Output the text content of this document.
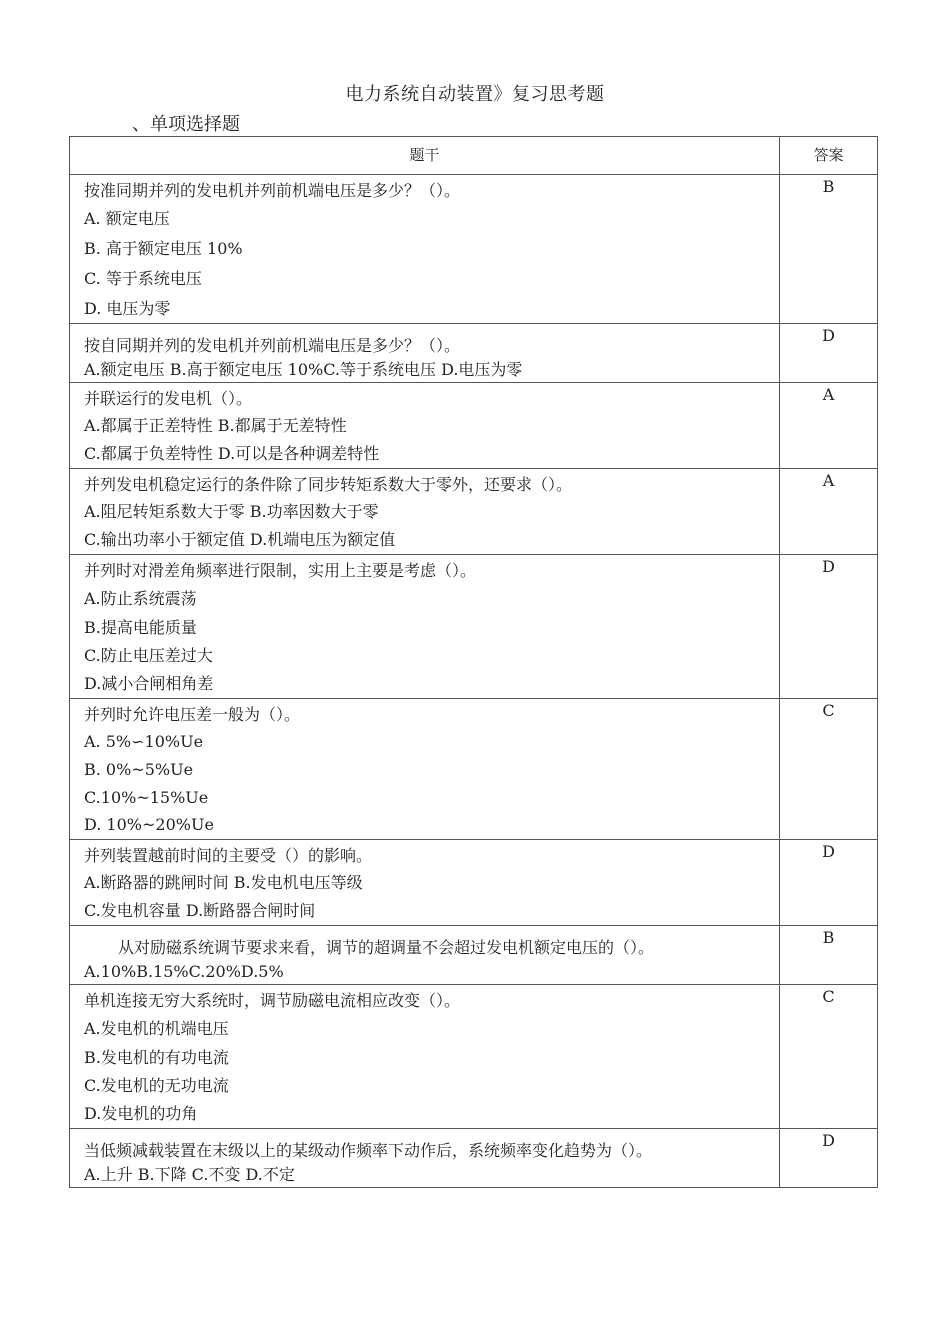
电力系统自动装置》复习思考题
、单项选择题
题干	答案

按准同期并列的发电机并列前机端电压是多少？（）。
A. 额定电压
B. 高于额定电压 10%
C. 等于系统电压
D. 电压为零	B

按自同期并列的发电机并列前机端电压是多少？（）。
A.额定电压 B.高于额定电压 10%C.等于系统电压 D.电压为零	D

并联运行的发电机（）。
A.都属于正差特性 B.都属于无差特性
C.都属于负差特性 D.可以是各种调差特性	A

并列发电机稳定运行的条件除了同步转矩系数大于零外，还要求（）。
A.阻尼转矩系数大于零 B.功率因数大于零
C.输出功率小于额定值 D.机端电压为额定值	A

并列时对滑差角频率进行限制，实用上主要是考虑（）。
A.防止系统震荡
B.提高电能质量
C.防止电压差过大
D.减小合闸相角差	D

并列时允许电压差一般为（）。
A. 5%∽10%Ue
B. 0%~5%Ue
C.10%~15%Ue
D. 10%~20%Ue	C

并列装置越前时间的主要受（）的影响。
A.断路器的跳闸时间 B.发电机电压等级
C.发电机容量 D.断路器合闸时间	D

从对励磁系统调节要求来看，调节的超调量不会超过发电机额定电压的（）。
A.10%B.15%C.20%D.5%	B

单机连接无穷大系统时，调节励磁电流相应改变（）。
A.发电机的机端电压
B.发电机的有功电流
C.发电机的无功电流
D.发电机的功角	C

当低频减载装置在末级以上的某级动作频率下动作后，系统频率变化趋势为（）。
A.上升 B.下降 C.不变 D.不定	D
